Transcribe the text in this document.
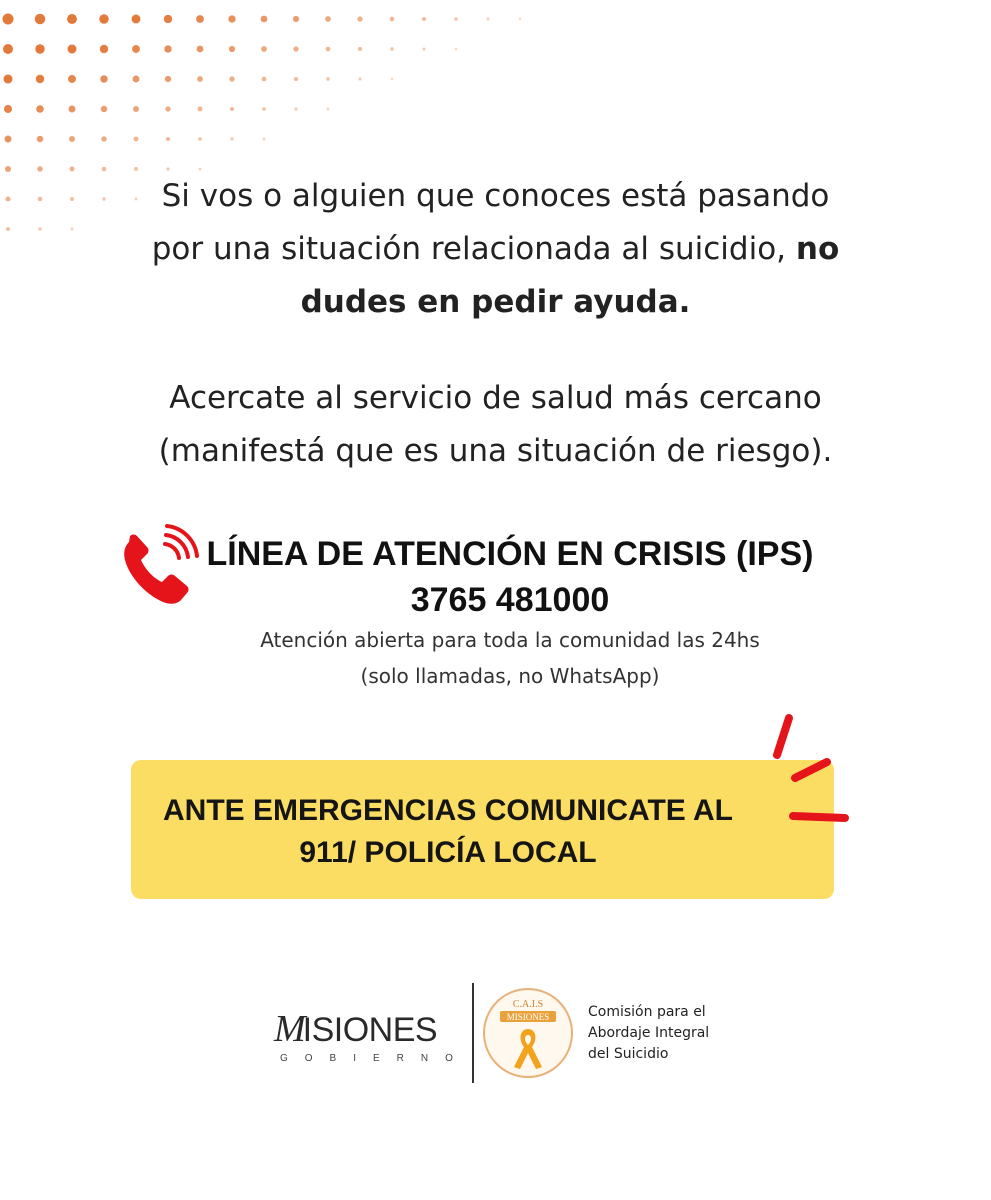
Si vos o alguien que conoces está pasando
por una situación relacionada al suicidio, no
dudes en pedir ayuda.
Acercate al servicio de salud más cercano
(manifestá que es una situación de riesgo).
LÍNEA DE ATENCIÓN EN CRISIS (IPS)
3765 481000
Atención abierta para toda la comunidad las 24hs
(solo llamadas, no WhatsApp)
ANTE EMERGENCIAS COMUNICATE AL
911/ POLICÍA LOCAL
MISIONES
GOBIERNO
C.A.I.S
MISIONES	Comisión para el
Abordaje Integral
del Suicidio
